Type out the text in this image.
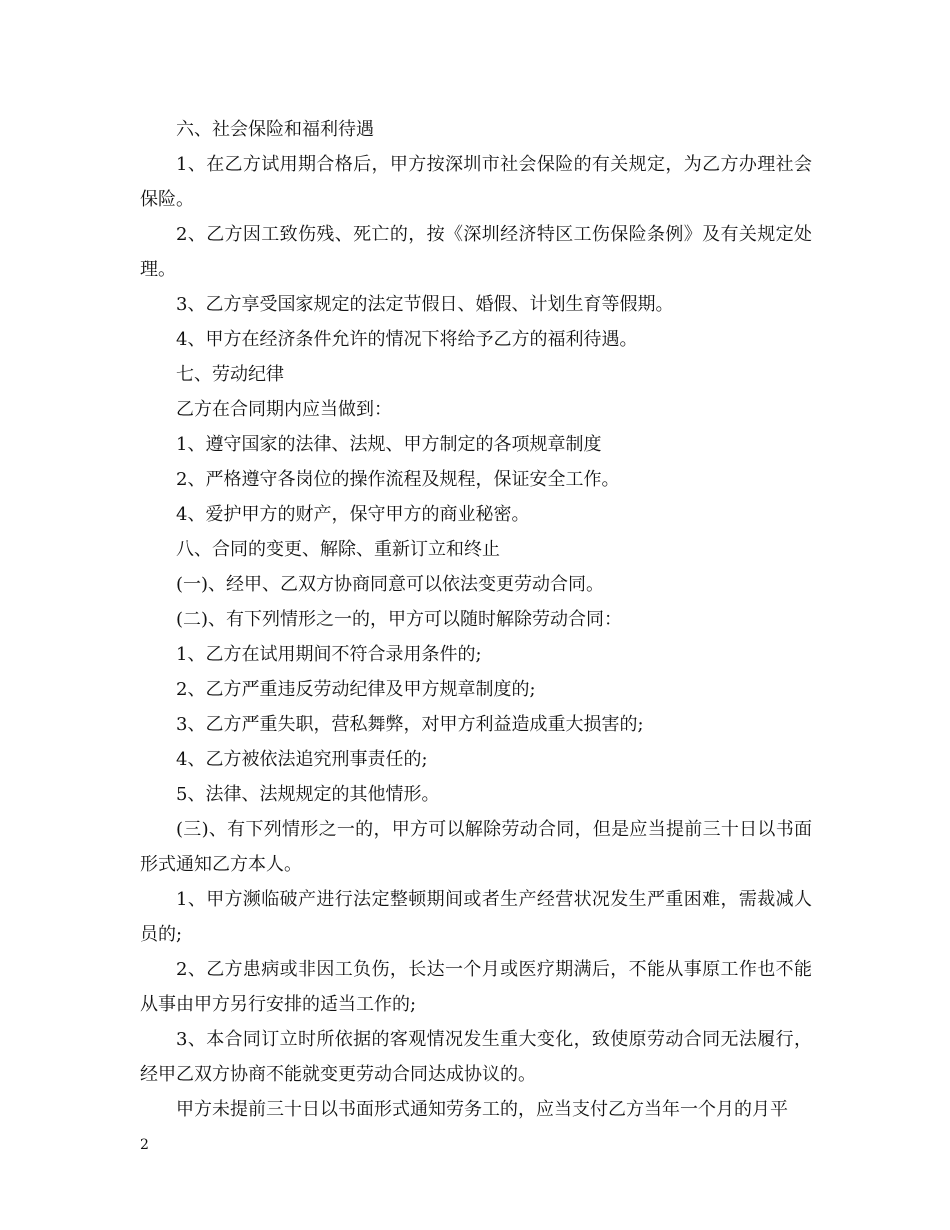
六、社会保险和福利待遇

1、在乙方试用期合格后，甲方按深圳市社会保险的有关规定，为乙方办理社会保险。

2、乙方因工致伤残、死亡的，按《深圳经济特区工伤保险条例》及有关规定处理。

3、乙方享受国家规定的法定节假日、婚假、计划生育等假期。

4、甲方在经济条件允许的情况下将给予乙方的福利待遇。

七、劳动纪律

乙方在合同期内应当做到：

1、遵守国家的法律、法规、甲方制定的各项规章制度

2、严格遵守各岗位的操作流程及规程，保证安全工作。

4、爱护甲方的财产，保守甲方的商业秘密。

八、合同的变更、解除、重新订立和终止

(一)、经甲、乙双方协商同意可以依法变更劳动合同。

(二)、有下列情形之一的，甲方可以随时解除劳动合同：

1、乙方在试用期间不符合录用条件的;

2、乙方严重违反劳动纪律及甲方规章制度的;

3、乙方严重失职，营私舞弊，对甲方利益造成重大损害的;

4、乙方被依法追究刑事责任的;

5、法律、法规规定的其他情形。

(三)、有下列情形之一的，甲方可以解除劳动合同，但是应当提前三十日以书面形式通知乙方本人。

1、甲方濒临破产进行法定整顿期间或者生产经营状况发生严重困难，需裁减人员的;

2、乙方患病或非因工负伤，长达一个月或医疗期满后，不能从事原工作也不能从事由甲方另行安排的适当工作的;

3、本合同订立时所依据的客观情况发生重大变化，致使原劳动合同无法履行，经甲乙双方协商不能就变更劳动合同达成协议的。

甲方未提前三十日以书面形式通知劳务工的，应当支付乙方当年一个月的月平

2
